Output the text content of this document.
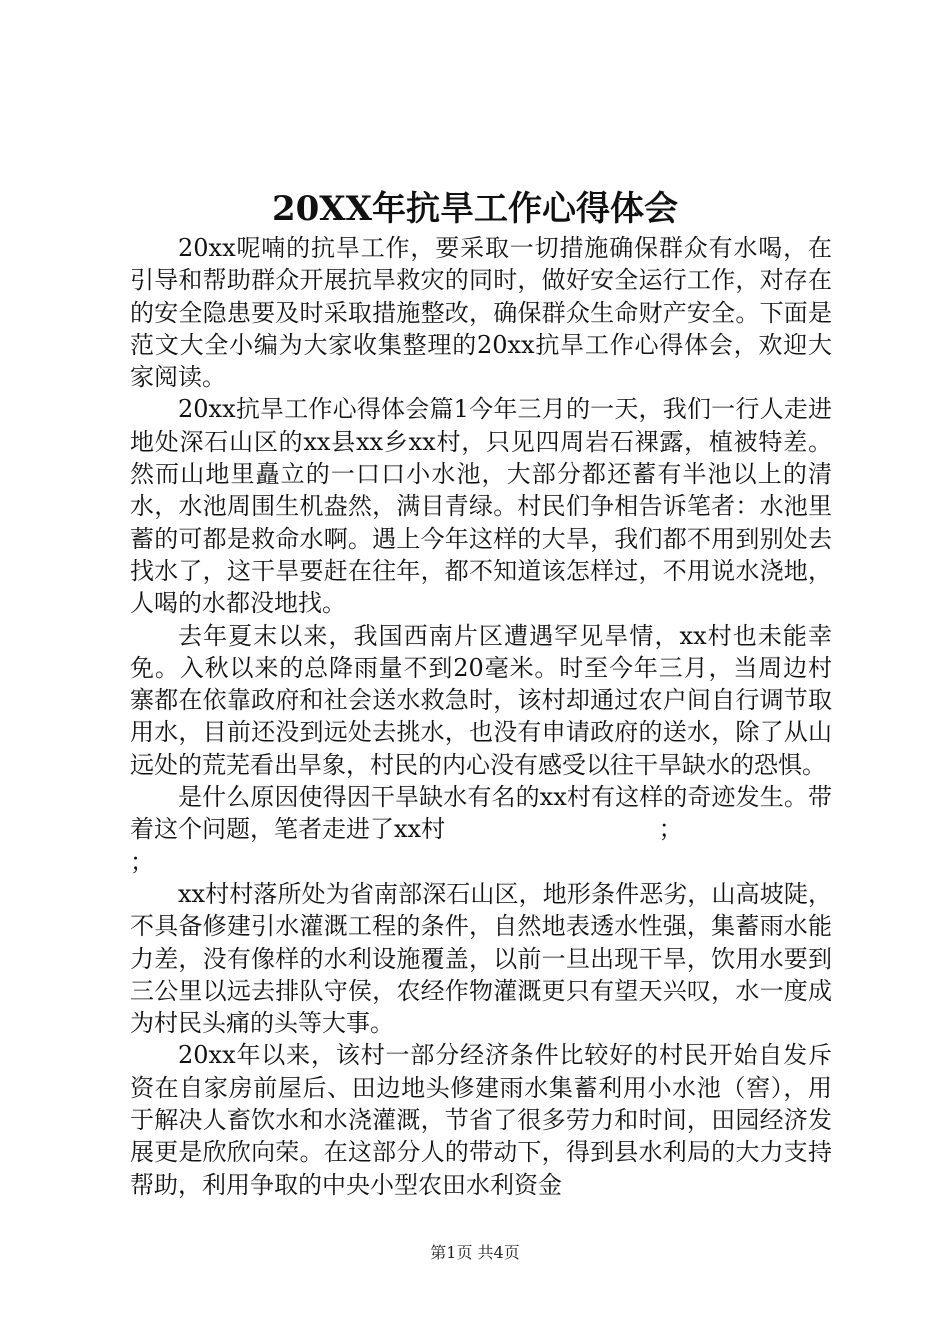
20XX年抗旱工作心得体会

20xx呢喃的抗旱工作，要采取一切措施确保群众有水喝，在引导和帮助群众开展抗旱救灾的同时，做好安全运行工作，对存在的安全隐患要及时采取措施整改，确保群众生命财产安全。下面是范文大全小编为大家收集整理的20xx抗旱工作心得体会，欢迎大家阅读。

20xx抗旱工作心得体会篇1今年三月的一天，我们一行人走进地处深石山区的xx县xx乡xx村，只见四周岩石裸露，植被特差。然而山地里矗立的一口口小水池，大部分都还蓄有半池以上的清水，水池周围生机盎然，满目青绿。村民们争相告诉笔者：水池里蓄的可都是救命水啊。遇上今年这样的大旱，我们都不用到别处去找水了，这干旱要赶在往年，都不知道该怎样过，不用说水浇地，人喝的水都没地找。

去年夏末以来，我国西南片区遭遇罕见旱情，xx村也未能幸免。入秋以来的总降雨量不到20毫米。时至今年三月，当周边村寨都在依靠政府和社会送水救急时，该村却通过农户间自行调节取用水，目前还没到远处去挑水，也没有申请政府的送水，除了从山远处的荒芜看出旱象，村民的内心没有感受以往干旱缺水的恐惧。

是什么原因使得因干旱缺水有名的xx村有这样的奇迹发生。带着这个问题，笔者走进了xx村                            ；

；

xx村村落所处为省南部深石山区，地形条件恶劣，山高坡陡，不具备修建引水灌溉工程的条件，自然地表透水性强，集蓄雨水能力差，没有像样的水利设施覆盖，以前一旦出现干旱，饮用水要到三公里以远去排队守侯，农经作物灌溉更只有望天兴叹，水一度成为村民头痛的头等大事。

20xx年以来，该村一部分经济条件比较好的村民开始自发斥资在自家房前屋后、田边地头修建雨水集蓄利用小水池（窖），用于解决人畜饮水和水浇灌溉，节省了很多劳力和时间，田园经济发展更是欣欣向荣。在这部分人的带动下，得到县水利局的大力支持帮助，利用争取的中央小型农田水利资金

第1页 共4页
